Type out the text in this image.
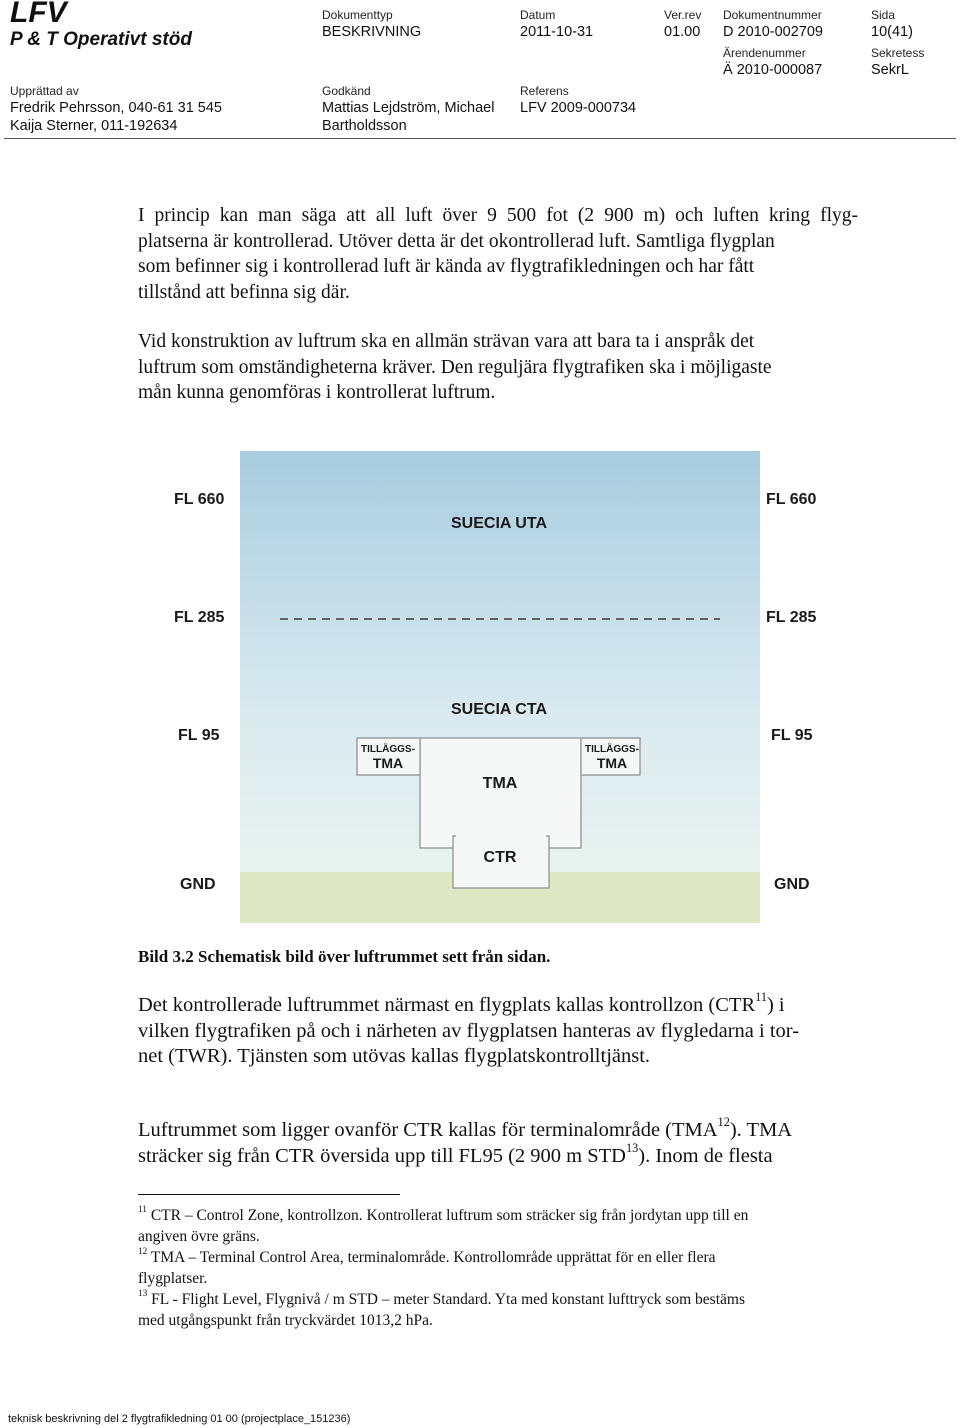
LFV
P & T Operativt stöd
Dokumenttyp
BESKRIVNING
Datum
2011-10-31
Ver.rev
01.00
Dokumentnummer
D 2010-002709
Sida
10(41)
Ärendenummer
Ä 2010-000087
Sekretess
SekrL
Upprättad av
Fredrik Pehrsson, 040-61 31 545
Kaija Sterner, 011-192634
Godkänd
Mattias Lejdström, Michael
Bartholdsson
Referens
LFV 2009-000734
I princip kan man säga att all luft över 9 500 fot (2 900 m) och luften kring flyg-
platserna är kontrollerad. Utöver detta är det okontrollerad luft. Samtliga flygplan
som befinner sig i kontrollerad luft är kända av flygtrafikledningen och har fått
tillstånd att befinna sig där.
Vid konstruktion av luftrum ska en allmän strävan vara att bara ta i anspråk det
luftrum som omständigheterna kräver. Den reguljära flygtrafiken ska i möjligaste
mån kunna genomföras i kontrollerat luftrum.
FL 660	FL 660
SUECIA UTA
FL 285	FL 285
SUECIA CTA
FL 95	FL 95
TILLÄGGS-
TMA
TILLÄGGS-
TMA
TMA
CTR
GND	GND
Bild 3.2 Schematisk bild över luftrummet sett från sidan.
Det kontrollerade luftrummet närmast en flygplats kallas kontrollzon (CTR$^{11}$) i
vilken flygtrafiken på och i närheten av flygplatsen hanteras av flygledarna i tor-
net (TWR). Tjänsten som utövas kallas flygplatskontrolltjänst.
Luftrummet som ligger ovanför CTR kallas för terminalområde (TMA$^{12}$). TMA
sträcker sig från CTR översida upp till FL95 (2 900 m STD$^{13}$). Inom de flesta
$^{11}$ CTR – Control Zone, kontrollzon. Kontrollerat luftrum som sträcker sig från jordytan upp till en
angiven övre gräns.
$^{12}$ TMA – Terminal Control Area, terminalområde. Kontrollområde upprättat för en eller flera
flygplatser.
$^{13}$ FL - Flight Level, Flygnivå / m STD – meter Standard. Yta med konstant lufttryck som bestäms
med utgångspunkt från tryckvärdet 1013,2 hPa.
teknisk beskrivning del 2 flygtrafikledning 01 00 (projectplace_151236)
